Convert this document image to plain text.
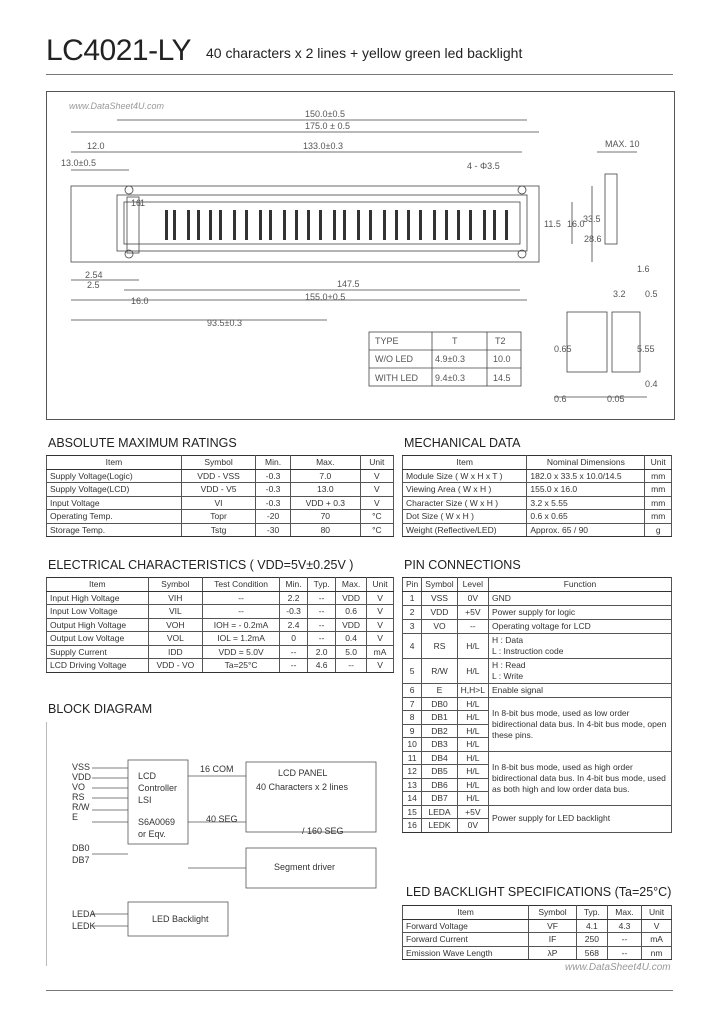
LC4021-LY 40 characters x 2 lines + yellow green led backlight
www.DataSheet4U.com
150.0±0.5
175.0 ± 0.5
133.0±0.3
12.0
13.0±0.5	4 - Φ3.5
MAX. 10
2.54
2.5	147.5
155.0+0.5
16.0
93.5±0.3
11.5 16.0
28.6
33.5
1.6
3.2 0.5
5.55
0.65
0.4
0.6	0.05
16
1
TYPE	T	T2
W/O LED 4.9±0.3	10.0
WITH LED 9.4±0.3	14.5
ABSOLUTE MAXIMUM RATINGS
Item	Symbol	Min.	Max.	Unit
Supply Voltage(Logic)	VDD - VSS	-0.3	7.0	V
Supply Voltage(LCD)	VDD - V5	-0.3	13.0	V
Input Voltage	VI	-0.3	VDD + 0.3	V
Operating Temp.	Topr	-20	70	°C
Storage Temp.	Tstg	-30	80	°C
MECHANICAL DATA
Item	Nominal Dimensions	Unit
Module Size ( W x H x T )	182.0 x 33.5 x 10.0/14.5	mm
Viewing Area ( W x H )	155.0 x 16.0	mm
Character Size ( W x H )	3.2 x 5.55	mm
Dot Size ( W x H )	0.6 x 0.65	mm
Weight (Reflective/LED)	Approx. 65 / 90	g
ELECTRICAL CHARACTERISTICS ( VDD=5V±0.25V )
Item	Symbol	Test Condition	Min.	Typ.	Max.	Unit
Input High Voltage	VIH	--	2.2	--	VDD	V
Input Low Voltage	VIL	--	-0.3	--	0.6	V
Output High Voltage	VOH	IOH = - 0.2mA	2.4	--	VDD	V
Output Low Voltage	VOL	IOL = 1.2mA	0	--	0.4	V
Supply Current	IDD	VDD = 5.0V	--	2.0	5.0	mA
LCD Driving Voltage	VDD - VO	Ta=25°C	--	4.6	--	V
PIN CONNECTIONS
Pin	Symbol	Level	Function
1	VSS	0V	GND
2	VDD	+5V	Power supply for logic
3	VO	--	Operating voltage for LCD
4	RS	H/L	H : Data
L : Instruction code
5	R/W	H/L	H : Read
L : Write
6	E	H,H>L	Enable signal
7	DB0	H/L	In 8-bit bus mode, used as low order bidirectional data bus. In 4-bit bus mode, open these pins.
8	DB1	H/L	
9	DB2	H/L	
10	DB3	H/L	
11	DB4	H/L	In 8-bit bus mode, used as high order bidirectional data bus. In 4-bit bus mode, used as both high and low order data bus.
12	DB5	H/L	
13	DB6	H/L	
14	DB7	H/L	
15	LEDA	+5V	Power supply for LED backlight
16	LEDK	0V	
BLOCK DIAGRAM
VSS
VDD
VO
RS
R/W
E
DB0
DB7
LEDA
LEDK
LCD
Controller
LSI
S6A0069
or Eqv.
16 COM
40 SEG
/ 160 SEG
LCD PANEL
40 Characters x 2 lines
Segment driver
LED Backlight
LED BACKLIGHT SPECIFICATIONS (Ta=25°C)
Item	Symbol	Typ.	Max.	Unit
Forward Voltage	VF	4.1	4.3	V
Forward Current	IF	250	--	mA
Emission Wave Length	λP	568	--	nm
www.DataSheet4U.com
